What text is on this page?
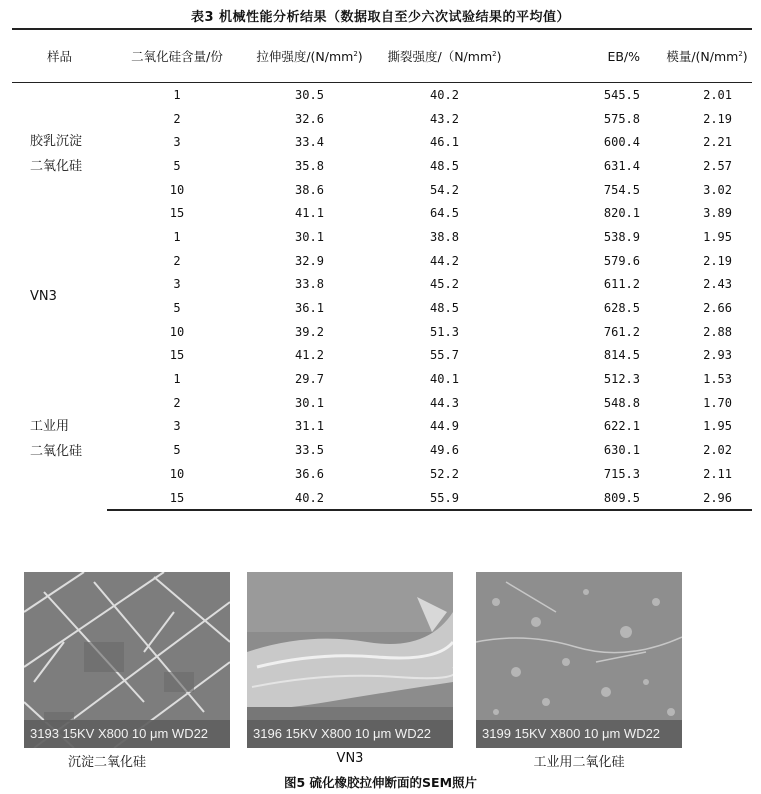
表3 机械性能分析结果（数据取自至少六次试验结果的平均值）
样品	二氧化硅含量/份	拉伸强度$/(N/mm^2)$	撕裂强度$/(N/mm^2)$	EB/%	模量$/(N/mm^2)$

胶乳沉淀
二氧化硅	1	30.5	40.2	545.5	2.01
	2	32.6	43.2	575.8	2.19
	3	33.4	46.1	600.4	2.21
	5	35.8	48.5	631.4	2.57
	10	38.6	54.2	754.5	3.02
	15	41.1	64.5	820.1	3.89

VN3	1	30.1	38.8	538.9	1.95
	2	32.9	44.2	579.6	2.19
	3	33.8	45.2	611.2	2.43
	5	36.1	48.5	628.5	2.66
	10	39.2	51.3	761.2	2.88
	15	41.2	55.7	814.5	2.93

工业用
二氧化硅	1	29.7	40.1	512.3	1.53
	2	30.1	44.3	548.8	1.70
	3	31.1	44.9	622.1	1.95
	5	33.5	49.6	630.1	2.02
	10	36.6	52.2	715.3	2.11
	15	40.2	55.9	809.5	2.96
3193 15KV X800 10 μm WD22	3196 15KV X800 10 μm WD22	3199 15KV X800 10 μm WD22
沉淀二氧化硅	VN3	工业用二氧化硅
图5 硫化橡胶拉伸断面的SEM照片
